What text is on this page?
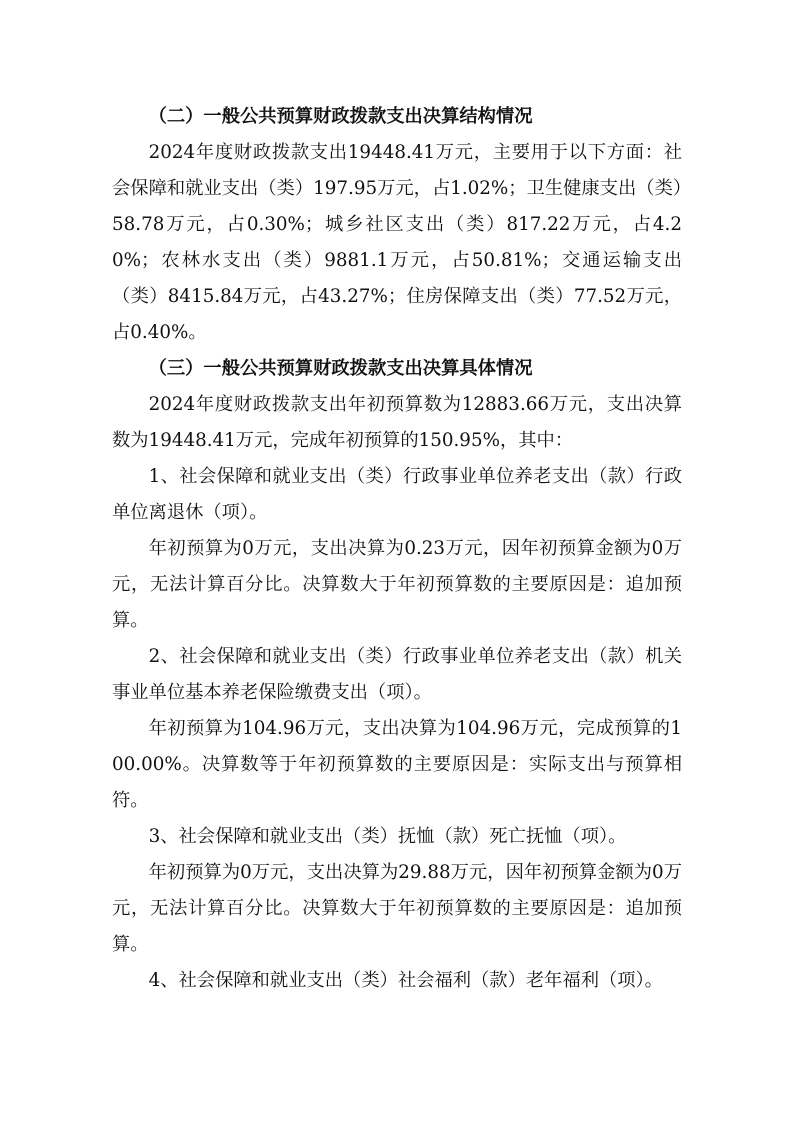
（二）一般公共预算财政拨款支出决算结构情况

2024年度财政拨款支出19448.41万元，主要用于以下方面：社会保障和就业支出（类）197.95万元，占1.02%；卫生健康支出（类）58.78万元，占0.30%；城乡社区支出（类）817.22万元，占4.20%；农林水支出（类）9881.1万元，占50.81%；交通运输支出（类）8415.84万元，占43.27%；住房保障支出（类）77.52万元，占0.40%。

（三）一般公共预算财政拨款支出决算具体情况

2024年度财政拨款支出年初预算数为12883.66万元，支出决算数为19448.41万元，完成年初预算的150.95%，其中：

1、社会保障和就业支出（类）行政事业单位养老支出（款）行政单位离退休（项）。

年初预算为0万元，支出决算为0.23万元，因年初预算金额为0万元，无法计算百分比。决算数大于年初预算数的主要原因是：追加预算。

2、社会保障和就业支出（类）行政事业单位养老支出（款）机关事业单位基本养老保险缴费支出（项）。

年初预算为104.96万元，支出决算为104.96万元，完成预算的100.00%。决算数等于年初预算数的主要原因是：实际支出与预算相符。

3、社会保障和就业支出（类）抚恤（款）死亡抚恤（项）。

年初预算为0万元，支出决算为29.88万元，因年初预算金额为0万元，无法计算百分比。决算数大于年初预算数的主要原因是：追加预算。

4、社会保障和就业支出（类）社会福利（款）老年福利（项）。
